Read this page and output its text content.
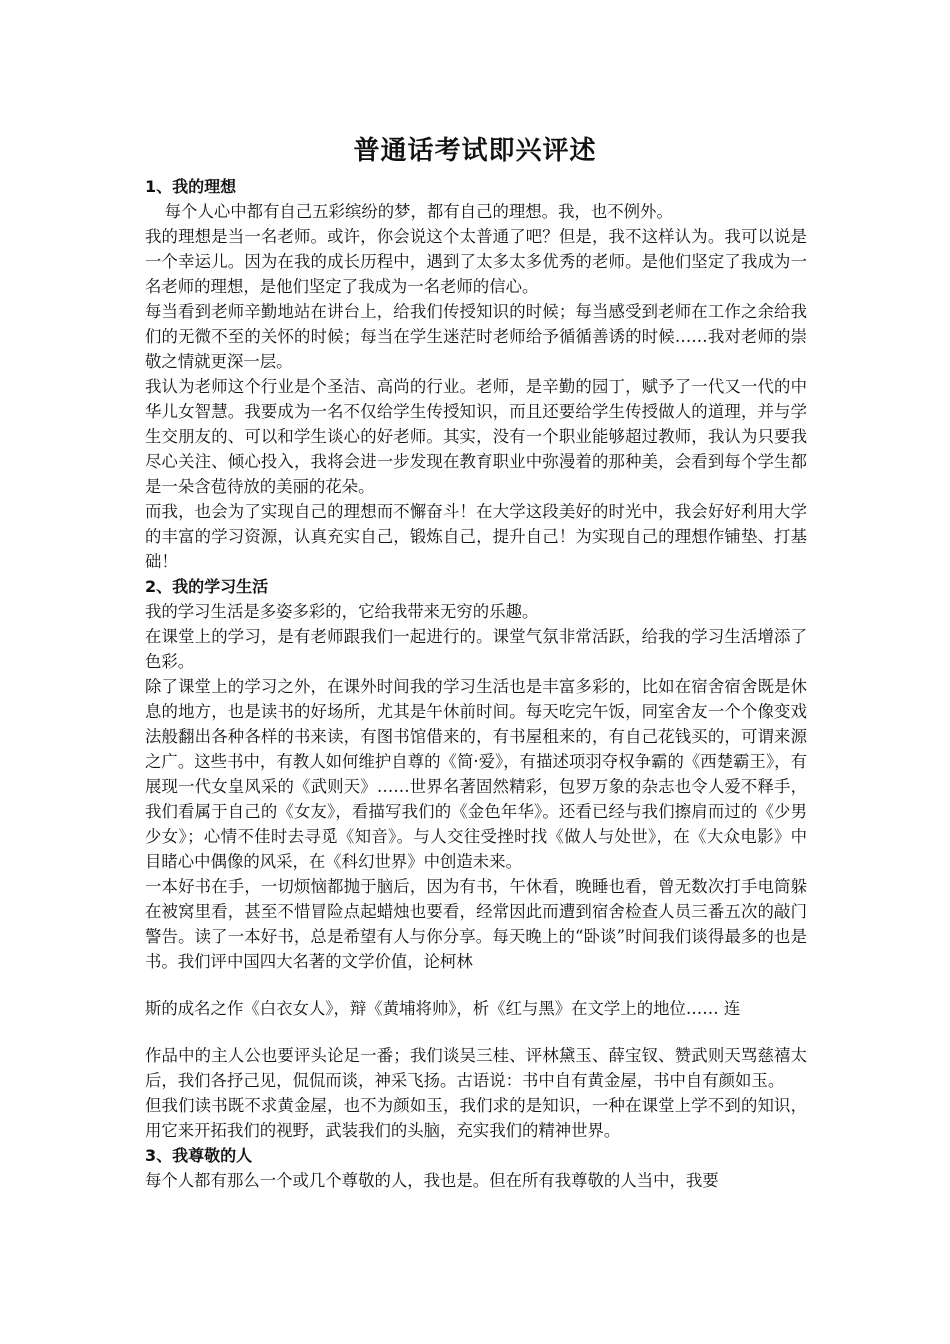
普通话考试即兴评述
1、我的理想

每个人心中都有自己五彩缤纷的梦，都有自己的理想。我，也不例外。

我的理想是当一名老师。或许，你会说这个太普通了吧？但是，我不这样认为。我可以说是一个幸运儿。因为在我的成长历程中，遇到了太多太多优秀的老师。是他们坚定了我成为一名老师的理想，是他们坚定了我成为一名老师的信心。

每当看到老师辛勤地站在讲台上，给我们传授知识的时候；每当感受到老师在工作之余给我们的无微不至的关怀的时候；每当在学生迷茫时老师给予循循善诱的时候……我对老师的崇敬之情就更深一层。

我认为老师这个行业是个圣洁、高尚的行业。老师，是辛勤的园丁，赋予了一代又一代的中华儿女智慧。我要成为一名不仅给学生传授知识，而且还要给学生传授做人的道理，并与学生交朋友的、可以和学生谈心的好老师。其实，没有一个职业能够超过教师，我认为只要我尽心关注、倾心投入，我将会进一步发现在教育职业中弥漫着的那种美，会看到每个学生都是一朵含苞待放的美丽的花朵。

而我，也会为了实现自己的理想而不懈奋斗！在大学这段美好的时光中，我会好好利用大学的丰富的学习资源，认真充实自己，锻炼自己，提升自己！为实现自己的理想作铺垫、打基础！

2、我的学习生活

我的学习生活是多姿多彩的，它给我带来无穷的乐趣。

在课堂上的学习，是有老师跟我们一起进行的。课堂气氛非常活跃，给我的学习生活增添了色彩。

除了课堂上的学习之外，在课外时间我的学习生活也是丰富多彩的，比如在宿舍宿舍既是休息的地方，也是读书的好场所，尤其是午休前时间。每天吃完午饭，同室舍友一个个像变戏法般翻出各种各样的书来读，有图书馆借来的，有书屋租来的，有自己花钱买的，可谓来源之广。这些书中，有教人如何维护自尊的《简·爱》，有描述项羽夺权争霸的《西楚霸王》，有展现一代女皇风采的《武则天》……世界名著固然精彩，包罗万象的杂志也令人爱不释手，我们看属于自己的《女友》，看描写我们的《金色年华》。还看已经与我们擦肩而过的《少男少女》；心情不佳时去寻觅《知音》。与人交往受挫时找《做人与处世》，在《大众电影》中目睹心中偶像的风采，在《科幻世界》中创造未来。

一本好书在手，一切烦恼都抛于脑后，因为有书，午休看，晚睡也看，曾无数次打手电筒躲在被窝里看，甚至不惜冒险点起蜡烛也要看，经常因此而遭到宿舍检查人员三番五次的敲门警告。读了一本好书，总是希望有人与你分享。每天晚上的“卧谈”时间我们谈得最多的也是书。我们评中国四大名著的文学价值，论柯林

斯的成名之作《白衣女人》，辩《黄埔将帅》，析《红与黑》在文学上的地位…… 连

作品中的主人公也要评头论足一番；我们谈吴三桂、评林黛玉、薛宝钗、赞武则天骂慈禧太后，我们各抒己见，侃侃而谈，神采飞扬。古语说：书中自有黄金屋，书中自有颜如玉。

但我们读书既不求黄金屋，也不为颜如玉，我们求的是知识，一种在课堂上学不到的知识，用它来开拓我们的视野，武装我们的头脑，充实我们的精神世界。

3、我尊敬的人

每个人都有那么一个或几个尊敬的人，我也是。但在所有我尊敬的人当中，我要
